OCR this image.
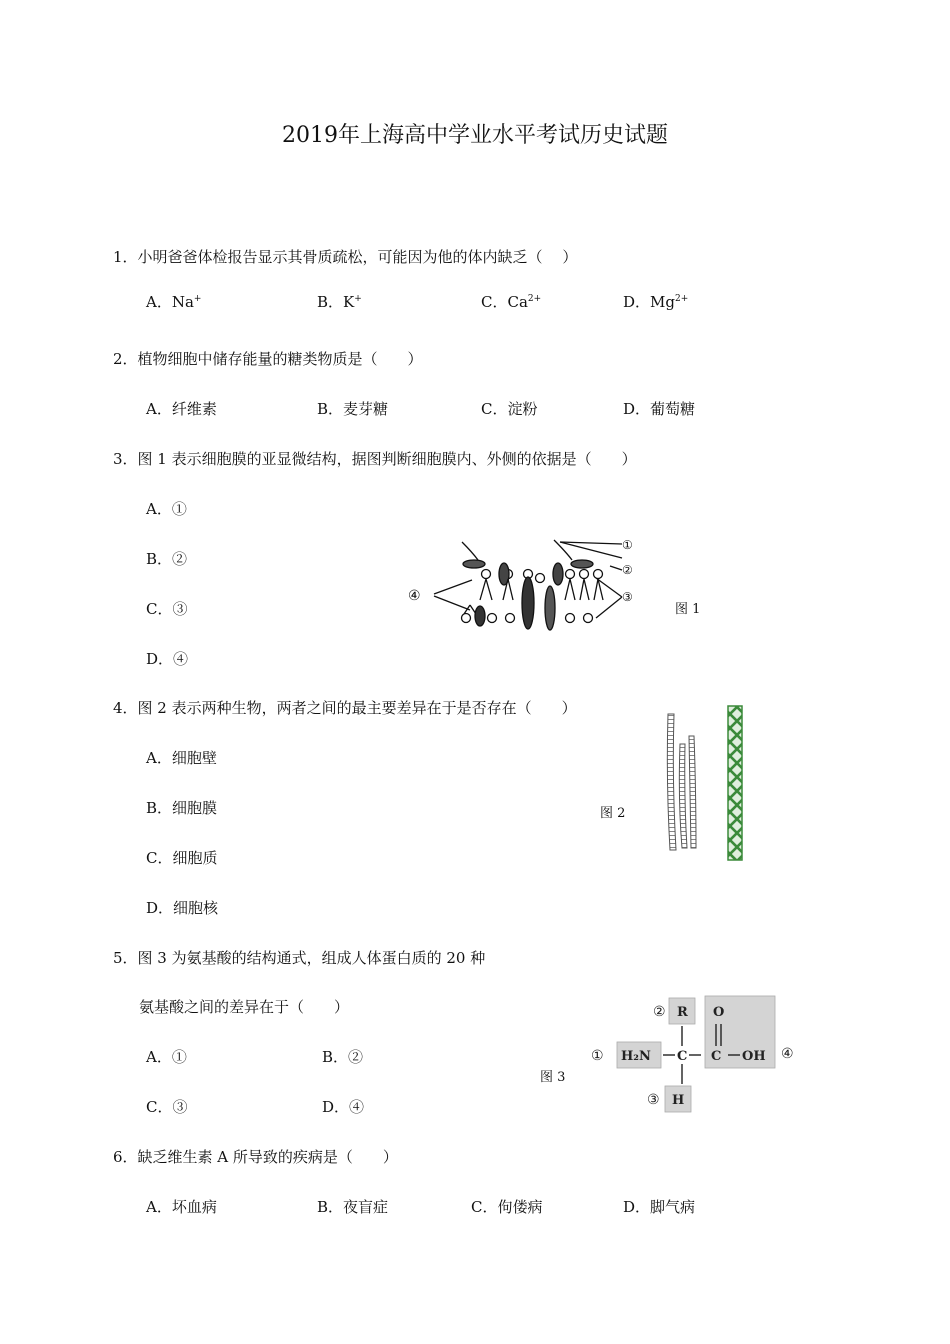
2019年上海高中学业水平考试历史试题
1．小明爸爸体检报告显示其骨质疏松，可能因为他的体内缺乏（　 ）
A．Na+	B．K+	C．$Ca^{2+}$	D．$Mg^{2+}$
2．植物细胞中储存能量的糖类物质是（　　）
A．纤维素	B．麦芽糖	C．淀粉	D．葡萄糖
3．图 1 表示细胞膜的亚显微结构，据图判断细胞膜内、外侧的依据是（　　）
A．①
B．②
C．③
D．④
①
②
③
④
图 1
4．图 2 表示两种生物，两者之间的最主要差异在于是否存在（　　）
A．细胞壁
B．细胞膜
C．细胞质
D．细胞核
图 2
5．图 3 为氨基酸的结构通式，组成人体蛋白质的 20 种
氨基酸之间的差异在于（　　）
A．①	B．②
C．③	D．④
图 3
R O
H₂N C C OH
H
①
②
③
④
6．缺乏维生素 A 所导致的疾病是（　　）
A．坏血病	B．夜盲症	C．佝偻病	D．脚气病
